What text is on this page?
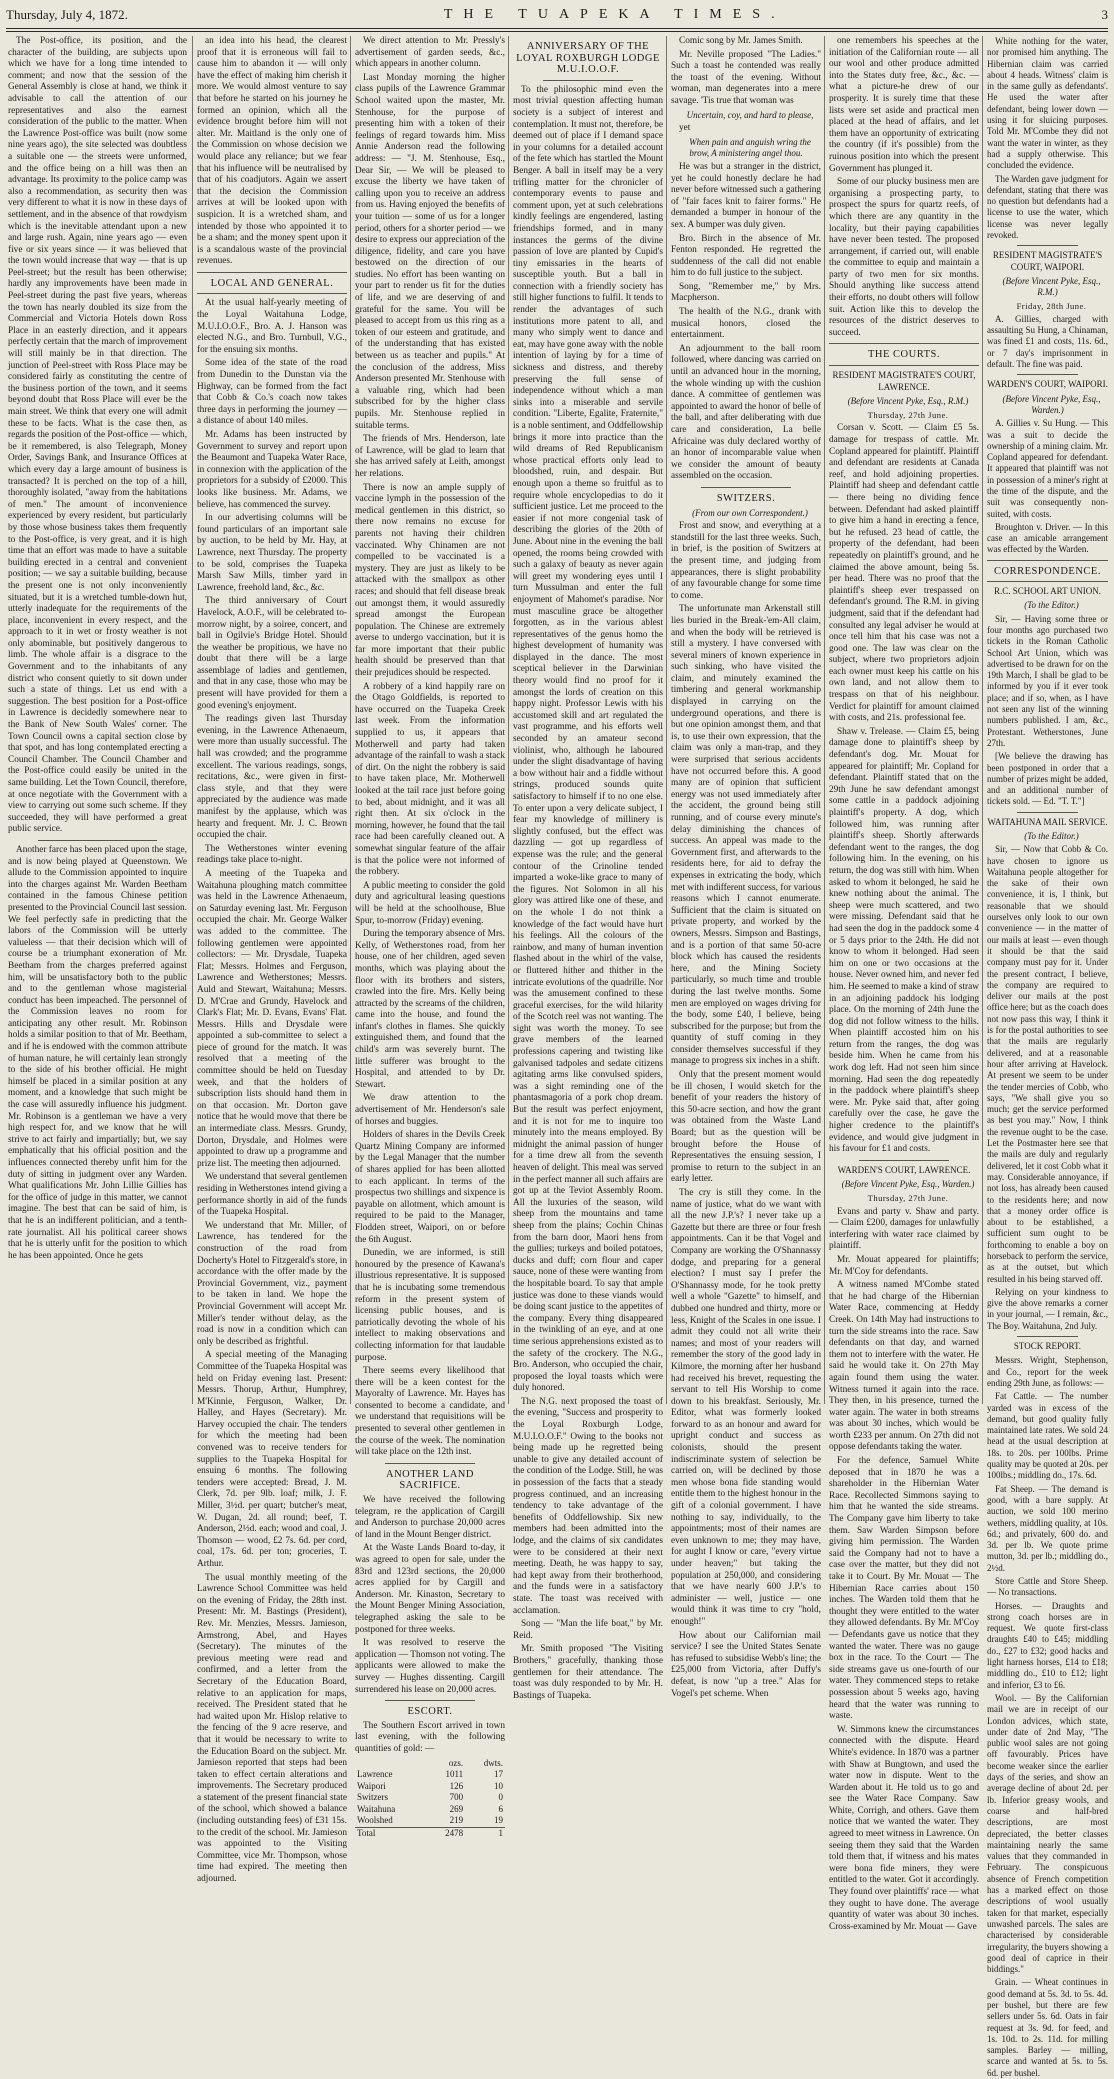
Thursday, July 4, 1872.	THE TUAPEKA TIMES.	3

The Post-office, its position, and the character of the building, are subjects upon which we have for a long time intended to comment; and now that the session of the General Assembly is close at hand, we think it advisable to call the attention of our representatives and also the earnest consideration of the public to the matter. When the Lawrence Post-office was built (now some nine years ago), the site selected was doubtless a suitable one — the streets were unformed, and the office being on a hill was then an advantage. Its proximity to the police camp was also a recommendation, as security then was very different to what it is now in these days of settlement, and in the absence of that rowdyism which is the inevitable attendant upon a new and large rush. Again, nine years ago — even five or six years since — it was believed that the town would increase that way — that is up Peel-street; but the result has been otherwise; hardly any improvements have been made in Peel-street during the past five years, whereas the town has nearly doubled its size from the Commercial and Victoria Hotels down Ross Place in an easterly direction, and it appears perfectly certain that the march of improvement will still mainly be in that direction. The junction of Peel-street with Ross Place may be considered fairly as constituting the centre of the business portion of the town, and it seems beyond doubt that Ross Place will ever be the main street. We think that every one will admit these to be facts. What is the case then, as regards the position of the Post-office — which, be it remembered, is also Telegraph, Money Order, Savings Bank, and Insurance Offices at which every day a large amount of business is transacted? It is perched on the top of a hill, thoroughly isolated, "away from the habitations of men." The amount of inconvenience experienced by every resident, but particularly by those whose business takes them frequently to the Post-office, is very great, and it is high time that an effort was made to have a suitable building erected in a central and convenient position; — we say a suitable building, because the present one is not only inconveniently situated, but it is a wretched tumble-down hut, utterly inadequate for the requirements of the place, inconvenient in every respect, and the approach to it in wet or frosty weather is not only abominable, but positively dangerous to limb. The whole affair is a disgrace to the Government and to the inhabitants of any district who consent quietly to sit down under such a state of things. Let us end with a suggestion. The best position for a Post-office in Lawrence is decidedly somewhere near to the Bank of New South Wales' corner. The Town Council owns a capital section close by that spot, and has long contemplated erecting a Council Chamber. The Council Chamber and the Post-office could easily be united in the same building. Let the Town Council, therefore, at once negotiate with the Government with a view to carrying out some such scheme. If they succeeded, they will have performed a great public service.

Another farce has been placed upon the stage, and is now being played at Queenstown. We allude to the Commission appointed to inquire into the charges against Mr. Warden Beetham contained in the famous Chinese petition presented to the Provincial Council last session. We feel perfectly safe in predicting that the labors of the Commission will be utterly valueless — that their decision which will of course be a triumphant exoneration of Mr. Beetham from the charges preferred against him, will be unsatisfactory both to the public and to the gentleman whose magisterial conduct has been impeached. The personnel of the Commission leaves no room for anticipating any other result. Mr. Robinson holds a similar position to that of Mr. Beetham, and if he is endowed with the common attribute of human nature, he will certainly lean strongly to the side of his brother official. He might himself be placed in a similar position at any moment, and a knowledge that such might be the case will assuredly influence his judgment. Mr. Robinson is a gentleman we have a very high respect for, and we know that he will strive to act fairly and impartially; but, we say emphatically that his official position and the influences connected thereby unfit him for the duty of sitting in judgment over any Warden. What qualifications Mr. John Lillie Gillies has for the office of judge in this matter, we cannot imagine. The best that can be said of him, is that he is an indifferent politician, and a tenth-rate journalist. All his political career shows that he is utterly unfit for the position to which he has been appointed. Once he gets

an idea into his head, the clearest proof that it is erroneous will fail to cause him to abandon it — will only have the effect of making him cherish it more. We would almost venture to say that before he started on his journey he formed an opinion, which all the evidence brought before him will not alter. Mr. Maitland is the only one of the Commission on whose decision we would place any reliance; but we fear that his influence will be neutralised by that of his coadjutors. Again we assert that the decision the Commission arrives at will be looked upon with suspicion. It is a wretched sham, and intended by those who appointed it to be a sham; and the money spent upon it is a scandalous waste of the provincial revenues.

LOCAL AND GENERAL.

At the usual half-yearly meeting of the Loyal Waitahuna Lodge, M.U.I.O.O.F., Bro. A. J. Hanson was elected N.G., and Bro. Turnbull, V.G., for the ensuing six months.

Some idea of the state of the road from Dunedin to the Dunstan via the Highway, can be formed from the fact that Cobb & Co.'s coach now takes three days in performing the journey — a distance of about 140 miles.

Mr. Adams has been instructed by Government to survey and report upon the Beaumont and Tuapeka Water Race, in connexion with the application of the proprietors for a subsidy of £2000. This looks like business. Mr. Adams, we believe, has commenced the survey.

In our advertising columns will be found particulars of an important sale by auction, to be held by Mr. Hay, at Lawrence, next Thursday. The property to be sold, comprises the Tuapeka Marsh Saw Mills, timber yard in Lawrence, freehold land, &c., &c.

The third anniversary of Court Havelock, A.O.F., will be celebrated to-morrow night, by a soiree, concert, and ball in Ogilvie's Bridge Hotel. Should the weather be propitious, we have no doubt that there will be a large assemblage of ladies and gentlemen, and that in any case, those who may be present will have provided for them a good evening's enjoyment.

The readings given last Thursday evening, in the Lawrence Athenaeum, were more than usually successful. The hall was crowded; and the programme excellent. The various readings, songs, recitations, &c., were given in first-class style, and that they were appreciated by the audience was made manifest by the applause, which was hearty and frequent. Mr. J. C. Brown occupied the chair.

The Wetherstones winter evening readings take place to-night.

A meeting of the Tuapeka and Waitahuna ploughing match committee was held in the Lawrence Athenaeum, on Saturday evening last. Mr. Ferguson occupied the chair. Mr. George Walker was added to the committee. The following gentlemen were appointed collectors: — Mr. Drysdale, Tuapeka Flat; Messrs. Holmes and Ferguson, Lawrence and Wetherstones; Messrs. Auld and Stewart, Waitahuna; Messrs. D. M'Crae and Grundy, Havelock and Clark's Flat; Mr. D. Evans, Evans' Flat. Messrs. Hills and Drysdale were appointed a sub-committee to select a piece of ground for the match. It was resolved that a meeting of the committee should be held on Tuesday week, and that the holders of subscription lists should hand them in on that occasion. Mr. Dorton gave notice that he would move that there be an intermediate class. Messrs. Grundy, Dorton, Drysdale, and Holmes were appointed to draw up a programme and prize list. The meeting then adjourned.

We understand that several gentlemen residing in Wetherstones intend giving a performance shortly in aid of the funds of the Tuapeka Hospital.

We understand that Mr. Miller, of Lawrence, has tendered for the construction of the road from Docherty's Hotel to Fitzgerald's store, in accordance with the offer made by the Provincial Government, viz., payment to be taken in land. We hope the Provincial Government will accept Mr. Miller's tender without delay, as the road is now in a condition which can only be described as frightful.

A special meeting of the Managing Committee of the Tuapeka Hospital was held on Friday evening last. Present: Messrs. Thorup, Arthur, Humphrey, M'Kinnie, Ferguson, Walker, Dr. Halley, and Hayes (Secretary). Mr. Harvey occupied the chair. The tenders for which the meeting had been convened was to receive tenders for supplies to the Tuapeka Hospital for ensuing 6 months. The following tenders were accepted: Bread, J. M. Clerk, 7d. per 9lb. loaf; milk, J. F. Miller, 3½d. per quart; butcher's meat, W. Dugan, 2d. all round; beef, T. Anderson, 2½d. each; wood and coal, J. Thomson — wood, £2 7s. 6d. per cord, coal, 17s. 6d. per ton; groceries, T. Arthur.

The usual monthly meeting of the Lawrence School Committee was held on the evening of Friday, the 28th inst. Present: Mr. M. Bastings (President), Rev. Mr. Menzies, Messrs. Jamieson, Armstrong, Abel, and Hayes (Secretary). The minutes of the previous meeting were read and confirmed, and a letter from the Secretary of the Education Board, relative to an application for maps, received. The President stated that he had waited upon Mr. Hislop relative to the fencing of the 9 acre reserve, and that it would be necessary to write to the Education Board on the subject. Mr. Jamieson reported that steps had been taken to effect certain alterations and improvements. The Secretary produced a statement of the present financial state of the school, which showed a balance (including outstanding fees) of £31 15s. to the credit of the school. Mr. Jamieson was appointed to the Visiting Committee, vice Mr. Thompson, whose time had expired. The meeting then adjourned.

We direct attention to Mr. Pressly's advertisement of garden seeds, &c., which appears in another column.

Last Monday morning the higher class pupils of the Lawrence Grammar School waited upon the master, Mr. Stenhouse, for the purpose of presenting him with a token of their feelings of regard towards him. Miss Annie Anderson read the following address: — "J. M. Stenhouse, Esq., Dear Sir, — We will be pleased to excuse the liberty we have taken of calling upon you to receive an address from us. Having enjoyed the benefits of your tuition — some of us for a longer period, others for a shorter period — we desire to express our appreciation of the diligence, fidelity, and care you have bestowed on the direction of our studies. No effort has been wanting on your part to render us fit for the duties of life, and we are deserving of and grateful for the same. You will be pleased to accept from us this ring as a token of our esteem and gratitude, and of the understanding that has existed between us as teacher and pupils." At the conclusion of the address, Miss Anderson presented Mr. Stenhouse with a valuable ring, which had been subscribed for by the higher class pupils. Mr. Stenhouse replied in suitable terms.

The friends of Mrs. Henderson, late of Lawrence, will be glad to learn that she has arrived safely at Leith, amongst her relations.

There is now an ample supply of vaccine lymph in the possession of the medical gentlemen in this district, so there now remains no excuse for parents not having their children vaccinated. Why Chinamen are not compelled to be vaccinated is a mystery. They are just as likely to be attacked with the smallpox as other races; and should that fell disease break out amongst them, it would assuredly spread amongst the European population. The Chinese are extremely averse to undergo vaccination, but it is far more important that their public health should be preserved than that their prejudices should be respected.

A robbery of a kind happily rare on the Otago Goldfields, is reported to have occurred on the Tuapeka Creek last week. From the information supplied to us, it appears that Motherwell and party had taken advantage of the rainfall to wash a stack of dirt. On the night the robbery is said to have taken place, Mr. Motherwell looked at the tail race just before going to bed, about midnight, and it was all right then. At six o'clock in the morning, however, he found that the tail race had been carefully cleaned out. A somewhat singular feature of the affair is that the police were not informed of the robbery.

A public meeting to consider the gold duty and agricultural leasing questions will be held at the schoolhouse, Blue Spur, to-morrow (Friday) evening.

During the temporary absence of Mrs. Kelly, of Wetherstones road, from her house, one of her children, aged seven months, which was playing about the floor with its brothers and sisters, crawled into the fire. Mrs. Kelly being attracted by the screams of the children, came into the house, and found the infant's clothes in flames. She quickly extinguished them, and found that the child's arm was severely burnt. The little sufferer was brought to the Hospital, and attended to by Dr. Stewart.

We draw attention to the advertisement of Mr. Henderson's sale of horses and buggies.

Holders of shares in the Devils Creek Quartz Mining Company are informed by the Legal Manager that the number of shares applied for has been allotted to each applicant. In terms of the prospectus two shillings and sixpence is payable on allotment, which amount is required to be paid to the Manager, Flodden street, Waipori, on or before the 6th August.

Dunedin, we are informed, is still honoured by the presence of Kawana's illustrious representative. It is supposed that he is incubating some tremendous reform in the present system of licensing public houses, and is patriotically devoting the whole of his intellect to making observations and collecting information for that laudable purpose.

There seems every likelihood that there will be a keen contest for the Mayoralty of Lawrence. Mr. Hayes has consented to become a candidate, and we understand that requisitions will be presented to several other gentlemen in the course of the week. The nomination will take place on the 12th inst.

ANOTHER LAND SACRIFICE.

We have received the following telegram, re the application of Cargill and Anderson to purchase 20,000 acres of land in the Mount Benger district.

At the Waste Lands Board to-day, it was agreed to open for sale, under the 83rd and 123rd sections, the 20,000 acres applied for by Cargill and Anderson. Mr. Kinaston, Secretary to the Mount Benger Mining Association, telegraphed asking the sale to be postponed for three weeks.

It was resolved to reserve the application — Thomson not voting. The applicants were allowed to make the survey — Hughes dissenting. Cargill surrendered his lease on 20,000 acres.

ESCORT.

The Southern Escort arrived in town last evening, with the following quantities of gold: —

	ozs.	dwts.
Lawrence	1011	17
Waipori	126	10
Switzers	700	0
Waitahuna	269	6
Woolshed	219	19
Total	2478	1
ANNIVERSARY OF THE LOYAL ROXBURGH LODGE M.U.I.O.O.F.

To the philosophic mind even the most trivial question affecting human society is a subject of interest and contemplation. It must not, therefore, be deemed out of place if I demand space in your columns for a detailed account of the fete which has startled the Mount Benger. A ball in itself may be a very trifling matter for the chronicler of contemporary events to pause and comment upon, yet at such celebrations kindly feelings are engendered, lasting friendships formed, and in many instances the germs of the divine passion of love are planted by Cupid's tiny emissaries in the hearts of susceptible youth. But a ball in connection with a friendly society has still higher functions to fulfil. It tends to render the advantages of such institutions more patent to all, and many who simply went to dance and eat, may have gone away with the noble intention of laying by for a time of sickness and distress, and thereby preserving the full sense of independence without which a man sinks into a miserable and servile condition. "Liberte, Egalite, Fraternite," is a noble sentiment, and Oddfellowship brings it more into practice than the wild dreams of Red Republicanism whose practical efforts only lead to bloodshed, ruin, and despair. But enough upon a theme so fruitful as to require whole encyclopedias to do it sufficient justice. Let me proceed to the easier if not more congenial task of describing the glories of the 20th of June. About nine in the evening the ball opened, the rooms being crowded with such a galaxy of beauty as never again will greet my wondering eyes until I turn Mussulman and enter the full enjoyment of Mahomet's paradise. Nor must masculine grace be altogether forgotten, as in the various ablest representatives of the genus homo the highest development of humanity was displayed in the dance. The most sceptical believer in the Darwinian theory would find no proof for it amongst the lords of creation on this happy night. Professor Lewis with his accustomed skill and art regulated the vast programme, and his efforts well seconded by an amateur second violinist, who, although he laboured under the slight disadvantage of having a bow without hair and a fiddle without strings, produced sounds quite satisfactory to himself if to no one else. To enter upon a very delicate subject, I fear my knowledge of millinery is slightly confused, but the effect was dazzling — got up regardless of expense was the rule; and the general contour of the Crinoline tended imparted a woke-like grace to many of the figures. Not Solomon in all his glory was attired like one of these, and on the whole I do not think a knowledge of the fact would have hurt his feelings. All the colours of the rainbow, and many of human invention flashed about in the whirl of the valse, or fluttered hither and thither in the intricate evolutions of the quadrille. Nor was the amusement confined to these graceful exercises, for the wild hilarity of the Scotch reel was not wanting. The sight was worth the money. To see grave members of the learned professions capering and twisting like galvanised tadpoles and sedate citizens agitating arms like convulsed spiders, was a sight reminding one of the phantasmagoria of a pork chop dream. But the result was perfect enjoyment, and it is not for me to inquire too minutely into the means employed. By midnight the animal passion of hunger for a time drew all from the seventh heaven of delight. This meal was served in the perfect manner all such affairs are got up at the Teviot Assembly Room. All the luxuries of the season, wild sheep from the mountains and tame sheep from the plains; Cochin Chinas from the barn door, Maori hens from the gullies; turkeys and boiled potatoes, ducks and duff; corn flour and caper sauce, none of these were wanting from the hospitable board. To say that ample justice was done to these viands would be doing scant justice to the appetites of the company. Every thing disappeared in the twinkling of an eye, and at one time serious apprehensions existed as to the safety of the crockery. The N.G., Bro. Anderson, who occupied the chair, proposed the loyal toasts which were duly honored.

The N.G. next proposed the toast of the evening, "Success and prosperity to the Loyal Roxburgh Lodge, M.U.I.O.O.F." Owing to the books not being made up he regretted being unable to give any detailed account of the condition of the Lodge. Still, he was in possession of the facts that a steady progress continued, and an increasing tendency to take advantage of the benefits of Oddfellowship. Six new members had been admitted into the lodge, and the claims of six candidates were to be considered at their next meeting. Death, he was happy to say, had kept away from their brotherhood, and the funds were in a satisfactory state. The toast was received with acclamation.

Song — "Man the life boat," by Mr. Reid.

Mr. Smith proposed "The Visiting Brothers," gracefully, thanking those gentlemen for their attendance. The toast was duly responded to by Mr. H. Bastings of Tuapeka.

Comic song by Mr. James Smith.

Mr. Neville proposed "The Ladies." Such a toast he contended was really the toast of the evening. Without woman, man degenerates into a mere savage. 'Tis true that woman was

Uncertain, coy, and hard to please,

yet

When pain and anguish wring the brow, A ministering angel thou.

He was but a stranger in the district, yet he could honestly declare he had never before witnessed such a gathering of "fair faces knit to fairer forms." He demanded a bumper in honour of the sex. A bumper was duly given.

Bro. Birch in the absence of Mr. Fenton responded. He regretted the suddenness of the call did not enable him to do full justice to the subject.

Song, "Remember me," by Mrs. Macpherson.

The health of the N.G., drank with musical honors, closed the entertainment.

An adjournment to the ball room followed, where dancing was carried on until an advanced hour in the morning, the whole winding up with the cushion dance. A committee of gentlemen was appointed to award the honor of belle of the ball, and after deliberating with due care and consideration, La belle Africaine was duly declared worthy of an honor of incomparable value when we consider the amount of beauty assembled on the occasion.

SWITZERS.

(From our own Correspondent.)

Frost and snow, and everything at a standstill for the last three weeks. Such, in brief, is the position of Switzers at the present time, and judging from appearances, there is slight probability of any favourable change for some time to come.

The unfortunate man Arkenstall still lies buried in the Break-'em-All claim, and when the body will be retrieved is still a mystery. I have conversed with several miners of known experience in such sinking, who have visited the claim, and minutely examined the timbering and general workmanship displayed in carrying on the underground operations, and there is but one opinion amongst them, and that is, to use their own expression, that the claim was only a man-trap, and they were surprised that serious accidents have not occurred before this. A good many are of opinion that sufficient energy was not used immediately after the accident, the ground being still running, and of course every minute's delay diminishing the chances of success. An appeal was made to the Government first, and afterwards to the residents here, for aid to defray the expenses in extricating the body, which met with indifferent success, for various reasons which I cannot enumerate. Sufficient that the claim is situated on private property, and worked by the owners, Messrs. Simpson and Bastings, and is a portion of that same 50-acre block which has caused the residents here, and the Mining Society particularly, so much time and trouble during the last twelve months. Some men are employed on wages driving for the body, some £40, I believe, being subscribed for the purpose; but from the quantity of stuff coming in they consider themselves successful if they manage to progress six inches in a shift.

Only that the present moment would be ill chosen, I would sketch for the benefit of your readers the history of this 50-acre section, and how the grant was obtained from the Waste Land Board; but as the question will be brought before the House of Representatives the ensuing session, I promise to return to the subject in an early letter.

The cry is still they come. In the name of justice, what do we want with all the new J.P.'s? I never take up a Gazette but there are three or four fresh appointments. Can it be that Vogel and Company are working the O'Shannassy dodge, and preparing for a general election? I must say I prefer the O'Shannassy mode, for he took pretty well a whole "Gazette" to himself, and dubbed one hundred and thirty, more or less, Knight of the Scales in one issue. I admit they could not all write their names; and most of your readers will remember the story of the good lady in Kilmore, the morning after her husband had received his brevet, requesting the servant to tell His Worship to come down to his breakfast. Seriously, Mr. Editor, what was formerly looked forward to as an honour and award for upright conduct and success as colonists, should the present indiscriminate system of selection be carried on, will be declined by those men whose bona fide standing would entitle them to the highest honour in the gift of a colonial government. I have nothing to say, individually, to the appointments; most of their names are even unknown to me; they may have, for aught I know or care, "every virtue under heaven;" but taking the population at 250,000, and considering that we have nearly 600 J.P.'s to administer — well, justice — one would think it was time to cry "hold, enough!"

How about our Californian mail service? I see the United States Senate has refused to subsidise Webb's line; the £25,000 from Victoria, after Duffy's defeat, is now "up a tree." Alas for Vogel's pet scheme. When

one remembers his speeches at the initiation of the Californian route — all our wool and other produce admitted into the States duty free, &c., &c. — what a picture-he drew of our prosperity. It is surely time that these lists were set aside and practical men placed at the head of affairs, and let them have an opportunity of extricating the country (if it's possible) from the ruinous position into which the present Government has plunged it.

Some of our plucky business men are organising a prospecting party, to prospect the spurs for quartz reefs, of which there are any quantity in the locality, but their paying capabilities have never been tested. The proposed arrangement, if carried out, will enable the committee to equip and maintain a party of two men for six months. Should anything like success attend their efforts, no doubt others will follow suit. Action like this to develop the resources of the district deserves to succeed.

THE COURTS.
RESIDENT MAGISTRATE'S COURT, LAWRENCE.

(Before Vincent Pyke, Esq., R.M.)

Thursday, 27th June.

Corsan v. Scott. — Claim £5 5s. damage for trespass of cattle. Mr. Copland appeared for plaintiff. Plaintiff and defendant are residents at Canada reef, and hold adjoining properties. Plaintiff had sheep and defendant cattle — there being no dividing fence between. Defendant had asked plaintiff to give him a hand in erecting a fence, but he refused. 23 head of cattle, the property of the defendant, had been repeatedly on plaintiff's ground, and he claimed the above amount, being 5s. per head. There was no proof that the plaintiff's sheep ever trespassed on defendant's ground. The R.M. in giving judgment, said that if the defendant had consulted any legal adviser he would at once tell him that his case was not a good one. The law was clear on the subject, where two proprietors adjoin each owner must keep his cattle on his own land, and not allow them to trespass on that of his neighbour. Verdict for plaintiff for amount claimed with costs, and 21s. professional fee.

Shaw v. Trelease. — Claim £5, being damage done to plaintiff's sheep by defendant's dog. Mr. Mouat for appeared for plaintiff; Mr. Copland for defendant. Plaintiff stated that on the 29th June he saw defendant amongst some cattle in a paddock adjoining plaintiff's property. A dog, which followed him, was running after plaintiff's sheep. Shortly afterwards defendant went to the ranges, the dog following him. In the evening, on his return, the dog was still with him. When asked to whom it belonged, he said he knew nothing about the animal. The sheep were much scattered, and two were missing. Defendant said that he had seen the dog in the paddock some 4 or 5 days prior to the 24th. He did not know to whom it belonged. Had seen him on one or two occasions at the house. Never owned him, and never fed him. He seemed to make a kind of straw in an adjoining paddock his lodging place. On the morning of 24th June the dog did not follow witness to the hills. When plaintiff accosted him on his return from the ranges, the dog was beside him. When he came from his work dog left. Had not seen him since morning. Had seen the dog repeatedly in the paddock where plaintiff's sheep were. Mr. Pyke said that, after going carefully over the case, he gave the higher credence to the plaintiff's evidence, and would give judgment in his favour for £1 and costs.

WARDEN'S COURT, LAWRENCE.

(Before Vincent Pyke, Esq., Warden.)

Thursday, 27th June.

Evans and party v. Shaw and party. — Claim £200, damages for unlawfully interfering with water race claimed by plaintiff.

Mr. Mouat appeared for plaintiffs; Mr. M'Coy for defendants.

A witness named M'Combe stated that he had charge of the Hibernian Water Race, commencing at Heddy Creek. On 14th May had instructions to turn the side streams into the race. Saw defendants on that day, and warned them not to interfere with the water. He said he would take it. On 27th May again found them using the water. Witness turned it again into the race. They then, in his presence, turned the water again. The water in both streams was about 30 inches, which would be worth £233 per annum. On 27th did not oppose defendants taking the water.

For the defence, Samuel White deposed that in 1870 he was a shareholder in the Hibernian Water Race. Recollected Simmons saying to him that he wanted the side streams. The Company gave him liberty to take them. Saw Warden Simpson before giving him permission. The Warden said the Company had not to have a case over the matter, but they did not take it to Court. By Mr. Mouat — The Hibernian Race carries about 150 inches. The Warden told them that he thought they were entitled to the water they allowed defendants. By Mr. M'Coy — Defendants gave us notice that they wanted the water. There was no gauge box in the race. To the Court — The side streams gave us one-fourth of our water. They commenced steps to retake possession about 5 weeks ago, having heard that the water was running to waste.

W. Simmons knew the circumstances connected with the dispute. Heard White's evidence. In 1870 was a partner with Shaw at Bungtown, and used the water now in dispute. Went to the Warden about it. He told us to go and see the Water Race Company. Saw White, Corrigh, and others. Gave them notice that we wanted the water. They agreed to meet witness in Lawrence. On seeing them they said that the Warden told them that, if witness and his mates were bona fide miners, they were entitled to the water. Got it accordingly. They found over plaintiffs' race — what they ought to have done. The average quantity of water was about 30 inches. Cross-examined by Mr. Mouat — Gave

White nothing for the water, nor promised him anything. The Hibernian claim was carried about 4 heads. Witness' claim is in the same gully as defendants'. He used the water after defendant, being lower down — using it for sluicing purposes. Told Mr. M'Combe they did not want the water in winter, as they had a supply otherwise. This concluded the evidence.

The Warden gave judgment for defendant, stating that there was no question but defendants had a license to use the water, which license was never legally revoked.

RESIDENT MAGISTRATE'S COURT, WAIPORI.

(Before Vincent Pyke, Esq., R.M.)

Friday, 28th June.

A. Gillies, charged with assaulting Su Hung, a Chinaman, was fined £1 and costs, 11s. 6d., or 7 day's imprisonment in default. The fine was paid.

WARDEN'S COURT, WAIPORI.

(Before Vincent Pyke, Esq., Warden.)

A. Gillies v. Su Hung. — This was a suit to decide the ownership of a mining claim. Mr. Copland appeared for defendant. It appeared that plaintiff was not in possession of a miner's right at the time of the dispute, and the suit was consequently non-suited, with costs.

Broughton v. Driver. — In this case an amicable arrangement was effected by the Warden.

CORRESPONDENCE.
R.C. SCHOOL ART UNION.

(To the Editor.)

Sir, — Having some three or four months ago purchased two tickets in the Roman Catholic School Art Union, which was advertised to be drawn for on the 19th March, I shall be glad to be informed by you if it ever took place; and if so, when, as I have not seen any list of the winning numbers published. I am, &c., Protestant. Wetherstones, June 27th.

[We believe the drawing has been postponed in order that a number of prizes might be added, and an additional number of tickets sold. — Ed. "T. T."]

WAITAHUNA MAIL SERVICE.

(To the Editor.)

Sir, — Now that Cobb & Co. have chosen to ignore us Waitahuna people altogether for the sake of their own convenience, it is, I think, but reasonable that we should ourselves only look to our own convenience — in the matter of our mails at least — even though it should be that the said company must pay for it. Under the present contract, I believe, the company are required to deliver our mails at the post office here; but as the coach does not now pass this way, I think it is for the postal authorities to see that the mails are regularly delivered, and at a reasonable hour after arriving at Havelock. At present we seem to be under the tender mercies of Cobb, who says, "We shall give you so much; get the service performed as best you may." Now, I think the revenue ought to be the case. Let the Postmaster here see that the mails are duly and regularly delivered, let it cost Cobb what it may. Considerable annoyance, if not loss, has already been caused to the residents here; and now that a money order office is about to be established, a sufficient sum ought to be forthcoming to enable a boy on horseback to perform the service, as at the outset, but which resulted in his being starved off.

Relying on your kindness to give the above remarks a corner in your journal, — I remain, &c., The Boy. Waitahuna, 2nd July.

STOCK REPORT.

Messrs. Wright, Stephenson, and Co., report for the week ending 29th June, as follows: —

Fat Cattle. — The number yarded was in excess of the demand, but good quality fully maintained late rates. We sold 24 head at the usual description at 18s. to 20s. per 100lbs. Prime quality may be quoted at 20s. per 100lbs.; middling do., 17s. 6d.

Fat Sheep. — The demand is good, with a bare supply. At auction, we sold 100 merino wethers, middling quality, at 10s. 6d.; and privately, 600 do. and 3d. per lb. We quote prime mutton, 3d. per lb.; middling do., 2½d.

Store Cattle and Store Sheep. — No transactions.

Horses. — Draughts and strong coach horses are in request. We quote first-class draughts £40 to £45; middling do., £27 to £32; good hacks and light harness horses, £14 to £18; middling do., £10 to £12; light and inferior, £3 to £6.

Wool. — By the Californian mail we are in receipt of our London advices, which state, under date of 2nd May, "The public wool sales are not going off favourably. Prices have become weaker since the earlier days of the series, and show an average decline of about 2d. per lb. Inferior greasy wools, and coarse and half-bred descriptions, are most depreciated, the better classes maintaining nearly the same values that they commanded in February. The conspicuous absence of French competition has a marked effect on those descriptions of wool usually taken for that market, especially unwashed parcels. The sales are characterised by considerable irregularity, the buyers showing a good deal of caprice in their biddings."

Grain. — Wheat continues in good demand at 5s. 3d. to 5s. 4d. per bushel, but there are few sellers under 5s. 6d. Oats in fair request at 3s. 9d. for feed, and 1s. 10d. to 2s. 11d. for milling samples. Barley — milling, scarce and wanted at 5s. to 5s. 6d. per bushel.
